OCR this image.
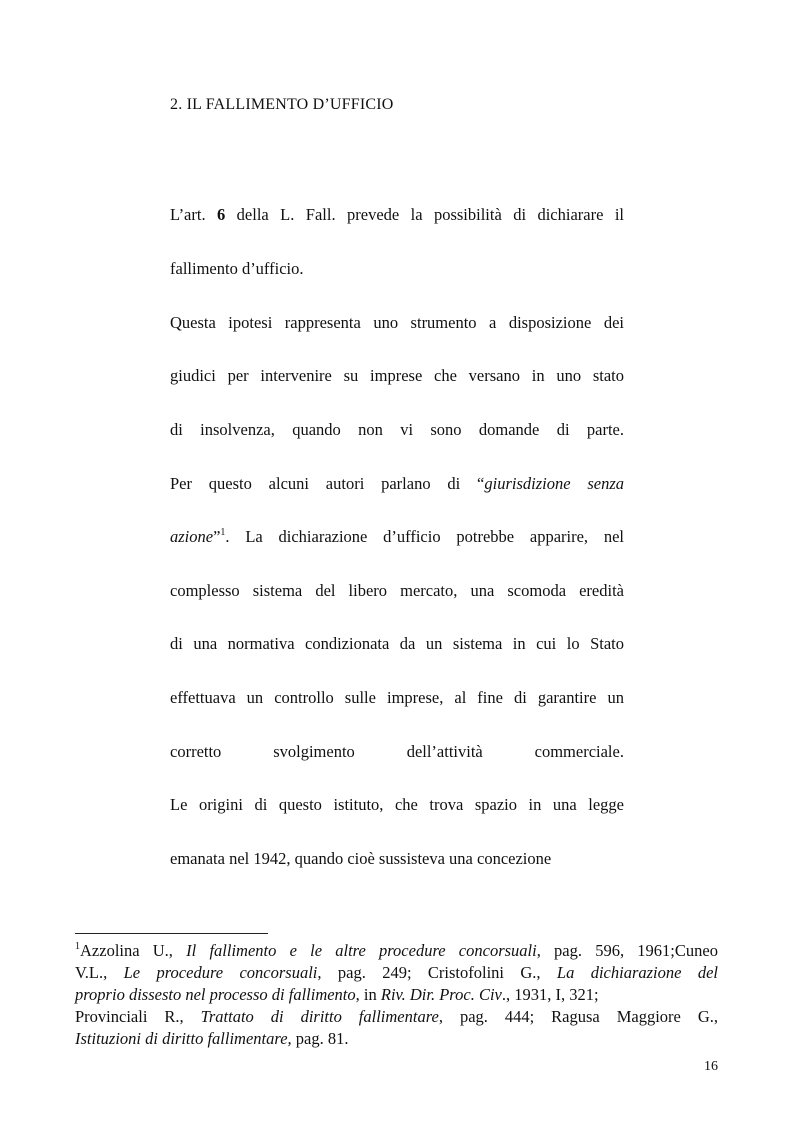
2. IL FALLIMENTO D’UFFICIO
L’art. 6 della L. Fall. prevede la possibilità di dichiarare il
fallimento d’ufficio.
Questa ipotesi rappresenta uno strumento a disposizione dei
giudici per intervenire su imprese che versano in uno stato
di insolvenza, quando non vi sono domande di parte.
Per questo alcuni autori parlano di “giurisdizione senza
azione”$^1$. La dichiarazione d’ufficio potrebbe apparire, nel
complesso sistema del libero mercato, una scomoda eredità
di una normativa condizionata da un sistema in cui lo Stato
effettuava un controllo sulle imprese, al fine di garantire un
corretto	svolgimento	dell’attività	commerciale.
Le origini di questo istituto, che trova spazio in una legge
emanata nel 1942, quando cioè sussisteva una concezione
$^1$Azzolina U., Il fallimento e le altre procedure concorsuali, pag. 596, 1961;Cuneo
V.L., Le procedure concorsuali, pag. 249; Cristofolini G., La dichiarazione del
proprio dissesto nel processo di fallimento, in Riv. Dir. Proc. Civ., 1931, I, 321;
Provinciali R., Trattato di diritto fallimentare, pag. 444; Ragusa Maggiore G.,
Istituzioni di diritto fallimentare, pag. 81.
16
